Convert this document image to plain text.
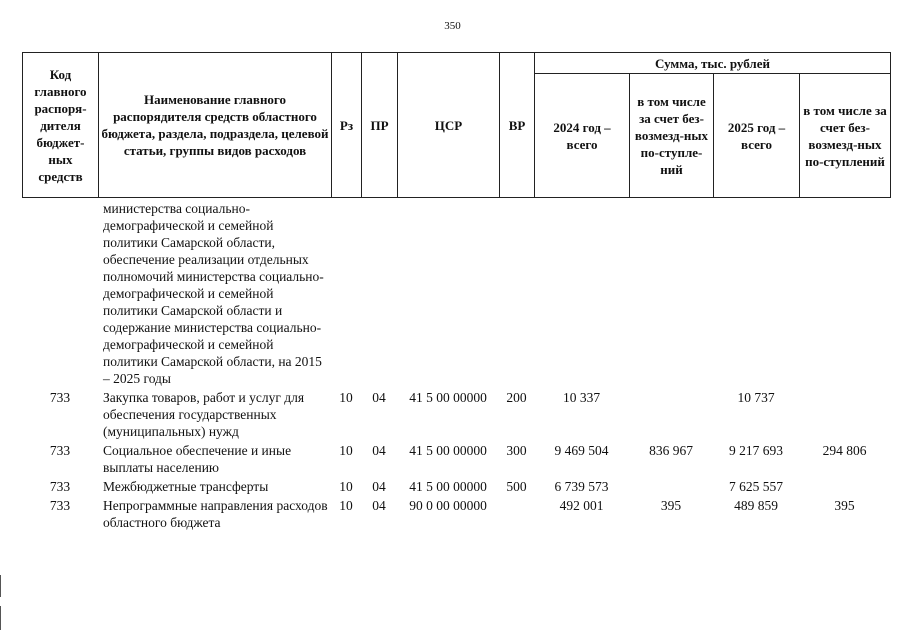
350
Код главного распоря-дителя бюджет-ных средств	Наименование главного распорядителя средств областного бюджета, раздела, подраздела, целевой статьи, группы видов расходов	Рз	ПР	ЦСР	ВР	Сумма, тыс. рублей			
						2024 год – всего	в том числе за счет без-возмезд-ных по-ступле-ний	2025 год – всего	в том числе за счет без-возмезд-ных по-ступлений
	министерства социально-демографической и семейной политики Самарской области, обеспечение реализации отдельных полномочий министерства социально-демографической и семейной политики Самарской области и содержание министерства социально-демографической и семейной политики Самарской области, на 2015 – 2025 годы								
733	Закупка товаров, работ и услуг для обеспечения государственных (муниципальных) нужд	10	04	41 5 00 00000	200	10 337		10 737	
733	Социальное обеспечение и иные выплаты населению	10	04	41 5 00 00000	300	9 469 504	836 967	9 217 693	294 806
733	Межбюджетные трансферты	10	04	41 5 00 00000	500	6 739 573		7 625 557	
733	Непрограммные направления расходов областного бюджета	10	04	90 0 00 00000		492 001	395	489 859	395
